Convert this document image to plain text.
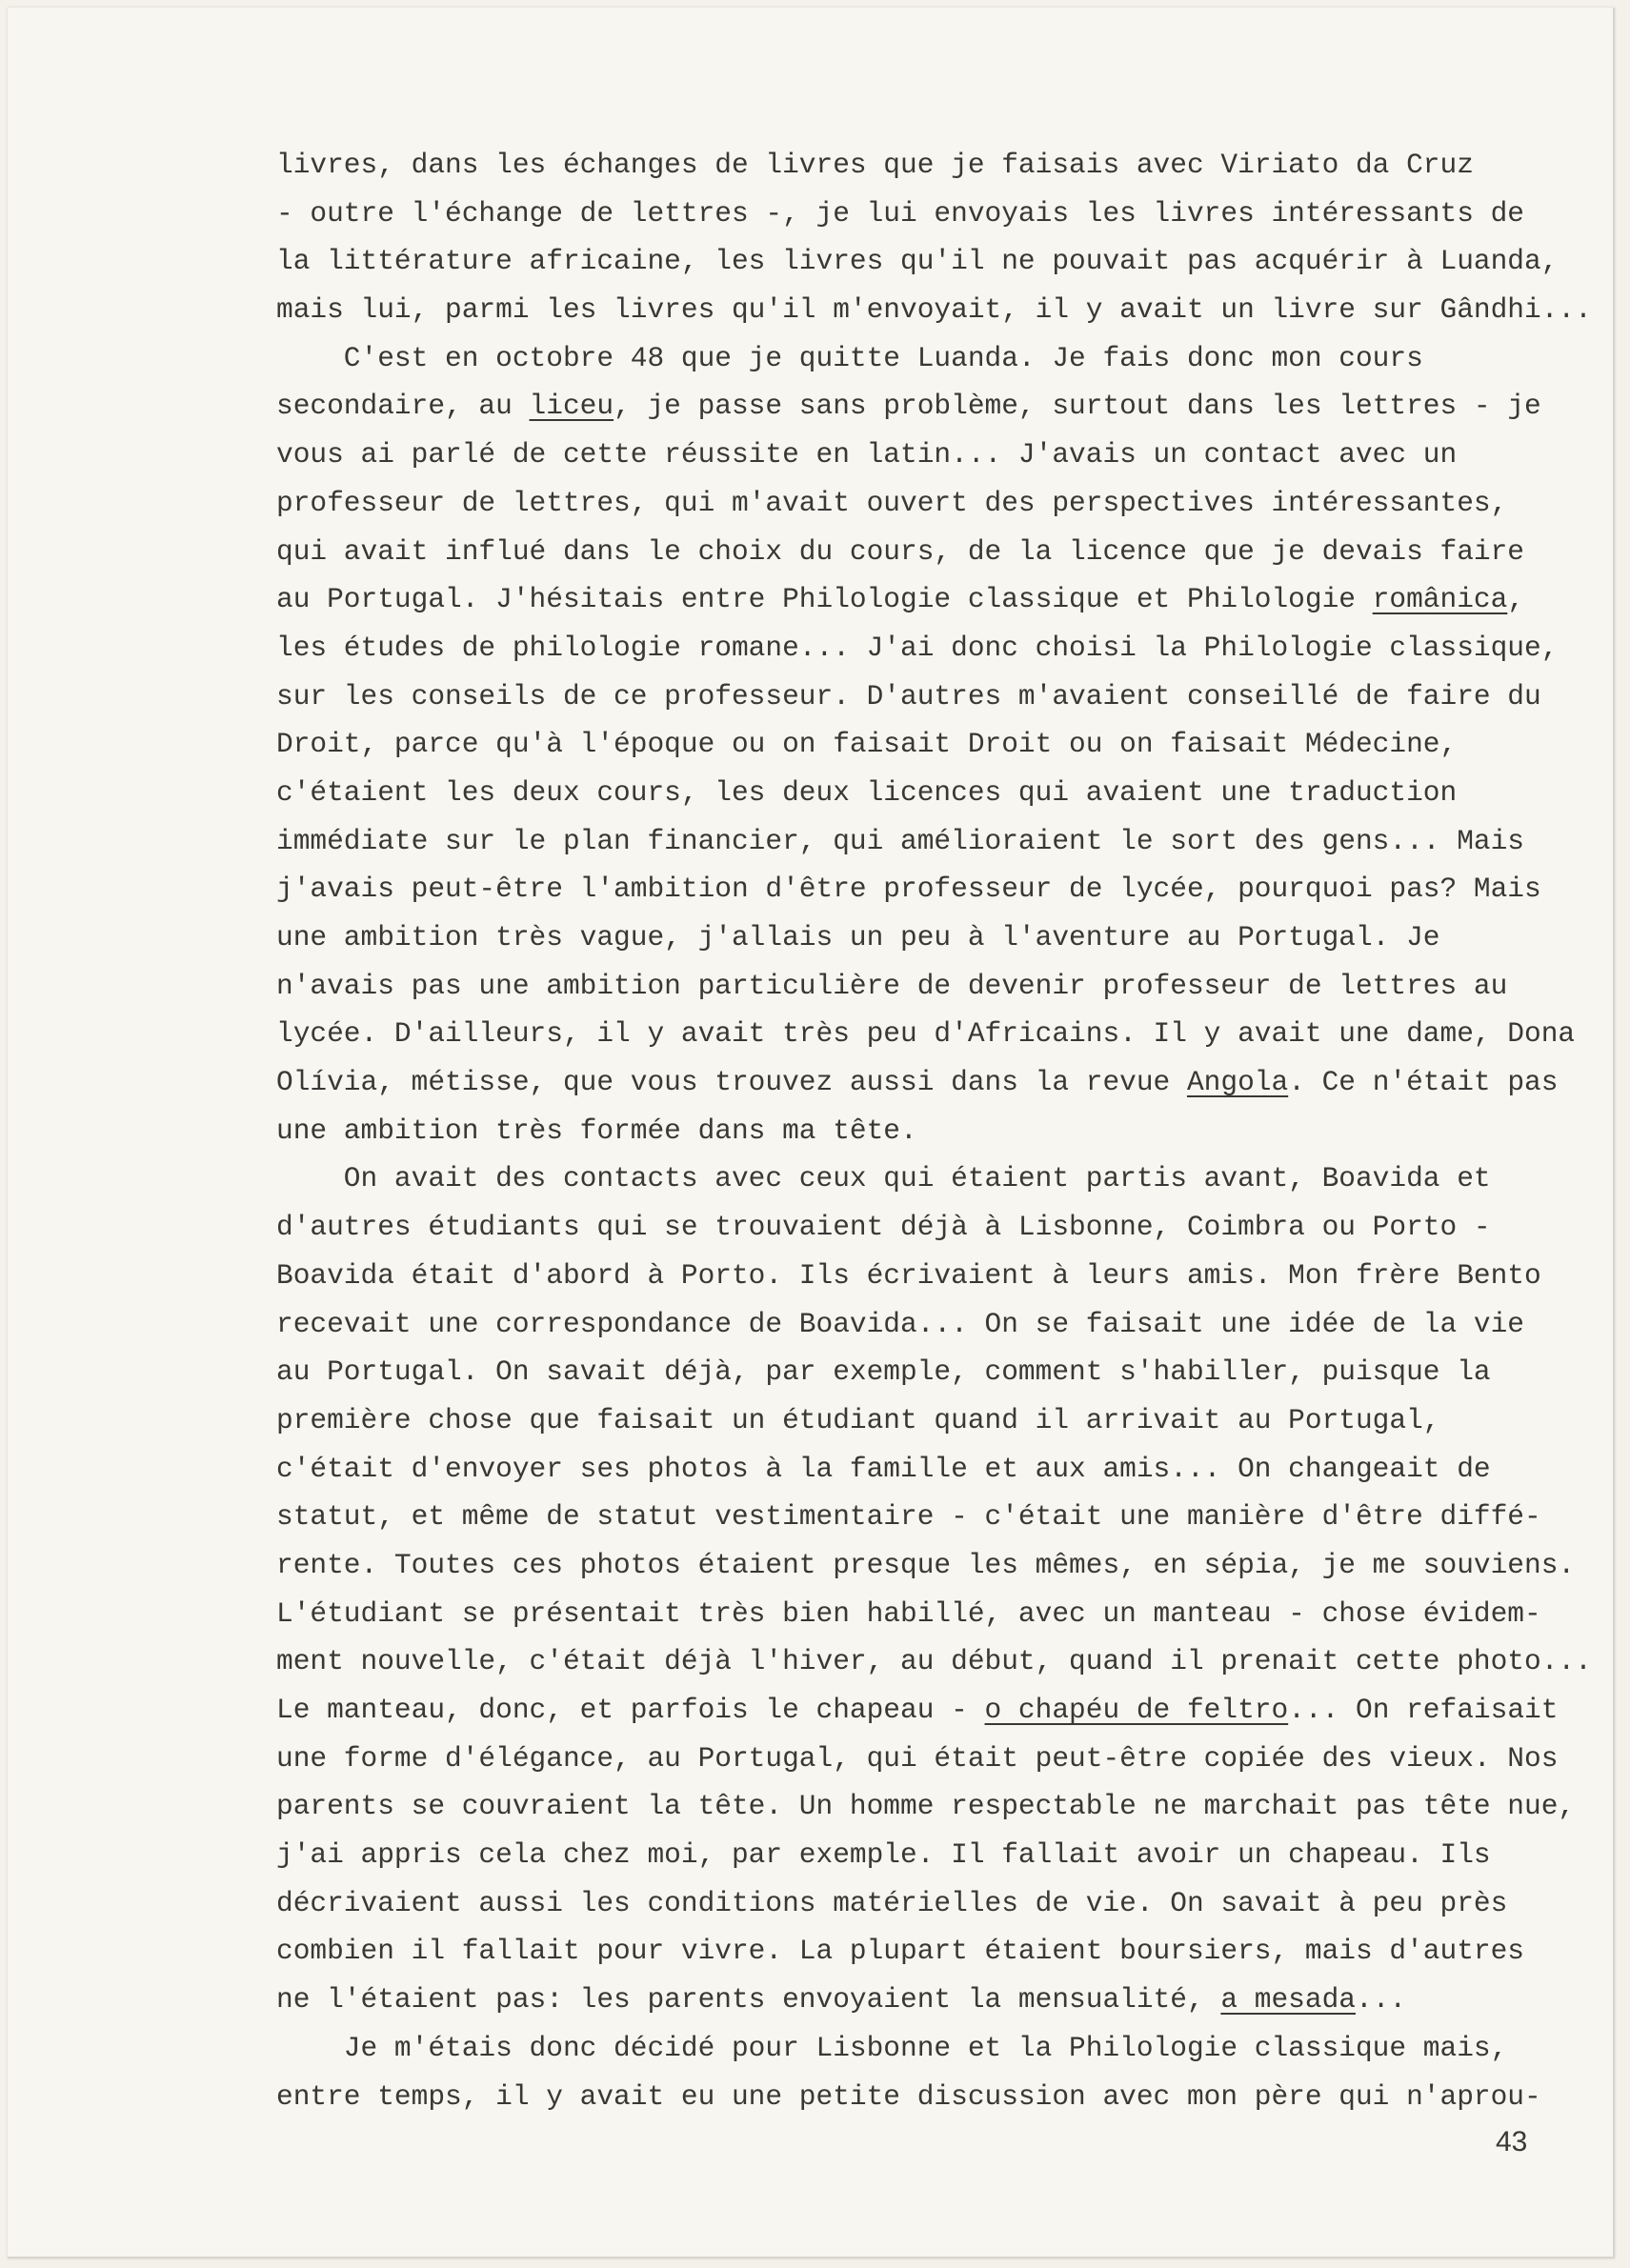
livres, dans les échanges de livres que je faisais avec Viriato da Cruz
- outre l'échange de lettres -, je lui envoyais les livres intéressants de
la littérature africaine, les livres qu'il ne pouvait pas acquérir à Luanda,
mais lui, parmi les livres qu'il m'envoyait, il y avait un livre sur Gândhi...
C'est en octobre 48 que je quitte Luanda. Je fais donc mon cours
secondaire, au liceu, je passe sans problème, surtout dans les lettres - je
vous ai parlé de cette réussite en latin... J'avais un contact avec un
professeur de lettres, qui m'avait ouvert des perspectives intéressantes,
qui avait influé dans le choix du cours, de la licence que je devais faire
au Portugal. J'hésitais entre Philologie classique et Philologie românica,
les études de philologie romane... J'ai donc choisi la Philologie classique,
sur les conseils de ce professeur. D'autres m'avaient conseillé de faire du
Droit, parce qu'à l'époque ou on faisait Droit ou on faisait Médecine,
c'étaient les deux cours, les deux licences qui avaient une traduction
immédiate sur le plan financier, qui amélioraient le sort des gens... Mais
j'avais peut-être l'ambition d'être professeur de lycée, pourquoi pas? Mais
une ambition très vague, j'allais un peu à l'aventure au Portugal. Je
n'avais pas une ambition particulière de devenir professeur de lettres au
lycée. D'ailleurs, il y avait très peu d'Africains. Il y avait une dame, Dona
Olívia, métisse, que vous trouvez aussi dans la revue Angola. Ce n'était pas
une ambition très formée dans ma tête.
On avait des contacts avec ceux qui étaient partis avant, Boavida et
d'autres étudiants qui se trouvaient déjà à Lisbonne, Coimbra ou Porto -
Boavida était d'abord à Porto. Ils écrivaient à leurs amis. Mon frère Bento
recevait une correspondance de Boavida... On se faisait une idée de la vie
au Portugal. On savait déjà, par exemple, comment s'habiller, puisque la
première chose que faisait un étudiant quand il arrivait au Portugal,
c'était d'envoyer ses photos à la famille et aux amis... On changeait de
statut, et même de statut vestimentaire - c'était une manière d'être diffé-
rente. Toutes ces photos étaient presque les mêmes, en sépia, je me souviens.
L'étudiant se présentait très bien habillé, avec un manteau - chose évidem-
ment nouvelle, c'était déjà l'hiver, au début, quand il prenait cette photo...
Le manteau, donc, et parfois le chapeau - o chapéu de feltro... On refaisait
une forme d'élégance, au Portugal, qui était peut-être copiée des vieux. Nos
parents se couvraient la tête. Un homme respectable ne marchait pas tête nue,
j'ai appris cela chez moi, par exemple. Il fallait avoir un chapeau. Ils
décrivaient aussi les conditions matérielles de vie. On savait à peu près
combien il fallait pour vivre. La plupart étaient boursiers, mais d'autres
ne l'étaient pas: les parents envoyaient la mensualité, a mesada...
Je m'étais donc décidé pour Lisbonne et la Philologie classique mais,
entre temps, il y avait eu une petite discussion avec mon père qui n'aprou-
43
